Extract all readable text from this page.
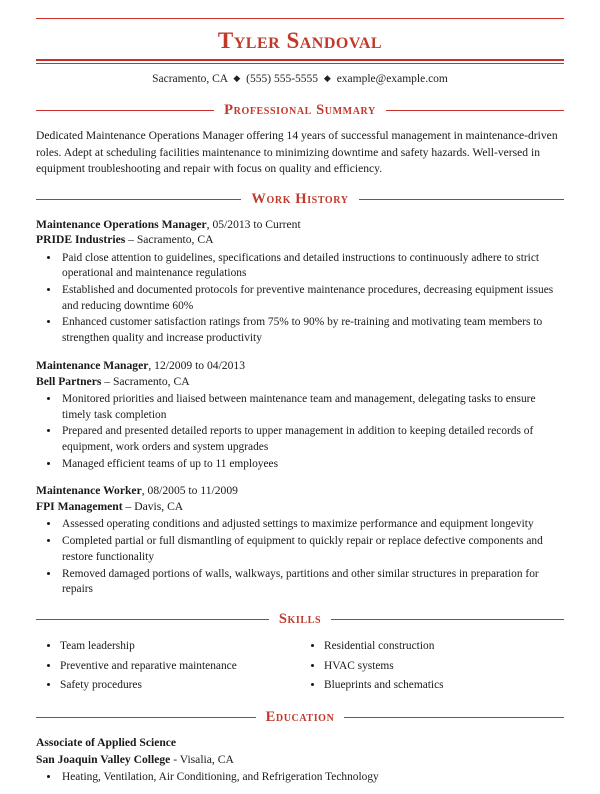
Tyler Sandoval
Sacramento, CA ◆ (555) 555-5555 ◆ example@example.com
Professional Summary
Dedicated Maintenance Operations Manager offering 14 years of successful management in maintenance-driven roles. Adept at scheduling facilities maintenance to minimizing downtime and safety hazards. Well-versed in equipment troubleshooting and repair with focus on quality and efficiency.
Work History
Maintenance Operations Manager, 05/2013 to Current
PRIDE Industries – Sacramento, CA
• Paid close attention to guidelines, specifications and detailed instructions to continuously adhere to strict operational and maintenance regulations
• Established and documented protocols for preventive maintenance procedures, decreasing equipment issues and reducing downtime 60%
• Enhanced customer satisfaction ratings from 75% to 90% by re-training and motivating team members to strengthen quality and increase productivity
Maintenance Manager, 12/2009 to 04/2013
Bell Partners – Sacramento, CA
• Monitored priorities and liaised between maintenance team and management, delegating tasks to ensure timely task completion
• Prepared and presented detailed reports to upper management in addition to keeping detailed records of equipment, work orders and system upgrades
• Managed efficient teams of up to 11 employees
Maintenance Worker, 08/2005 to 11/2009
FPI Management – Davis, CA
• Assessed operating conditions and adjusted settings to maximize performance and equipment longevity
• Completed partial or full dismantling of equipment to quickly repair or replace defective components and restore functionality
• Removed damaged portions of walls, walkways, partitions and other similar structures in preparation for repairs
Skills
• Team leadership
• Preventive and reparative maintenance
• Safety procedures
• Residential construction
• HVAC systems
• Blueprints and schematics
Education
Associate of Applied Science
San Joaquin Valley College - Visalia, CA
• Heating, Ventilation, Air Conditioning, and Refrigeration Technology
